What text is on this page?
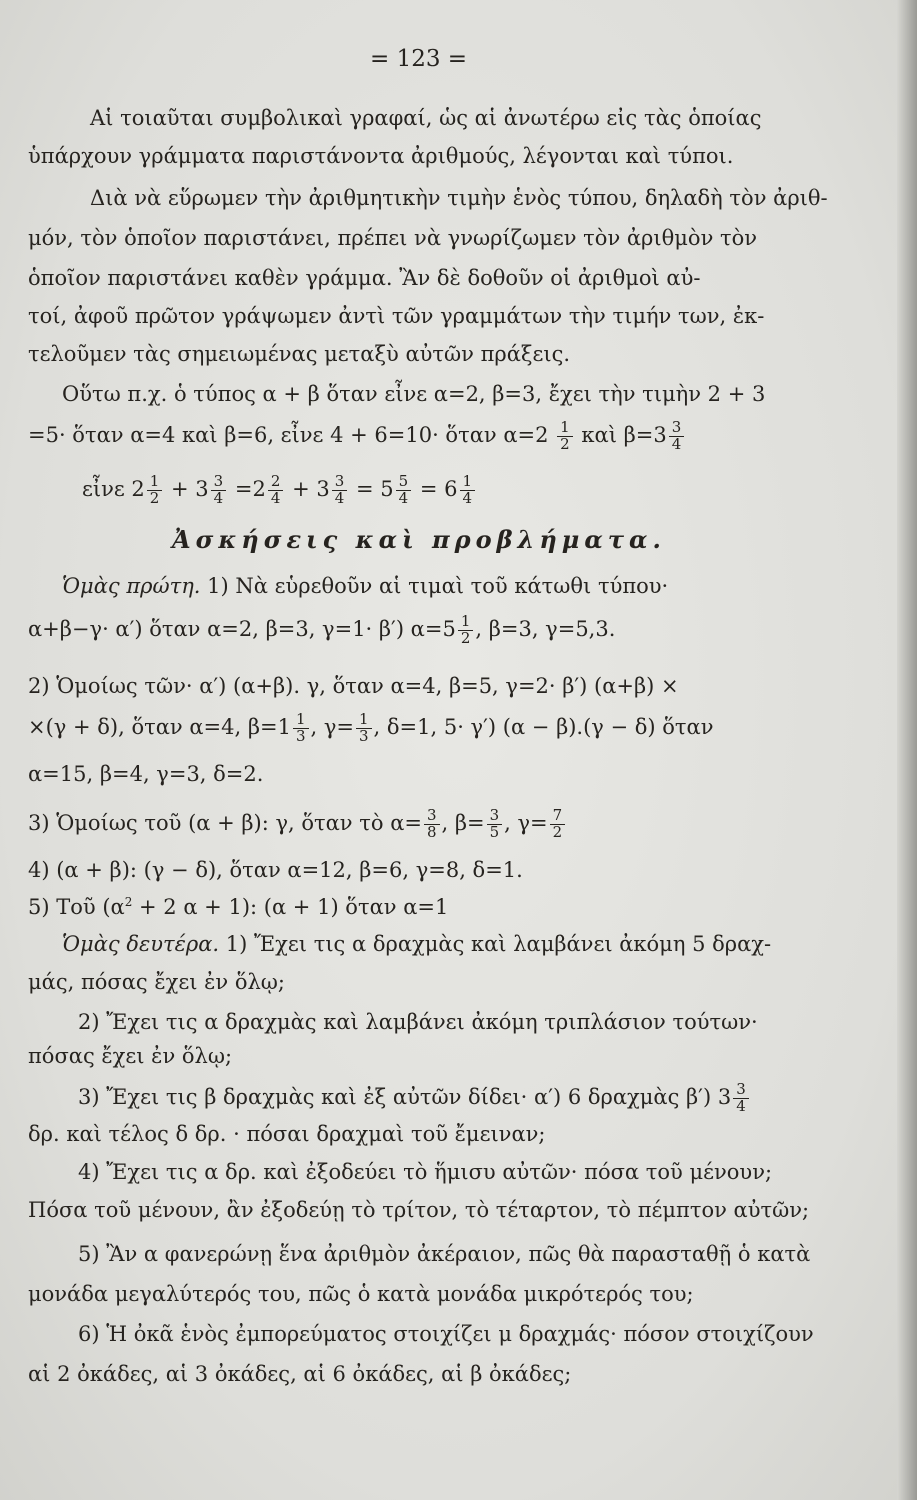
= 123 =
Αἱ τοιαῦται συμβολικαὶ γραφαί, ὡς αἱ ἀνωτέρω εἰς τὰς ὁποίας
ὑπάρχουν γράμματα παριστάνοντα ἀριθμούς, λέγονται καὶ τύποι.
Διὰ νὰ εὕρωμεν τὴν ἀριθμητικὴν τιμὴν ἑνὸς τύπου, δηλαδὴ τὸν ἀριθ-
μόν, τὸν ὁποῖον παριστάνει, πρέπει νὰ γνωρίζωμεν τὸν ἀριθμὸν τὸν
ὁποῖον παριστάνει καθὲν γράμμα. Ἂν δὲ δοθοῦν οἱ ἀριθμοὶ αὐ-
τοί, ἀφοῦ πρῶτον γράψωμεν ἀντὶ τῶν γραμμάτων τὴν τιμήν των, ἐκ-
τελοῦμεν τὰς σημειωμένας μεταξὺ αὐτῶν πράξεις.
Οὕτω π.χ. ὁ τύπος α + β ὅταν εἶνε α=2, β=3, ἔχει τὴν τιμὴν 2 + 3
=5· ὅταν α=4 καὶ β=6, εἶνε 4 + 6=10· ὅταν $\alpha=2 \frac{1}{2}$ καὶ $\beta=3 \frac{3}{4}$
εἶνε $2 \frac{1}{2} + 3 \frac{3}{4} =2 \frac{2}{4} + 3 \frac{3}{4} = 5 \frac{5}{4} = 6 \frac{1}{4}$
Ἀσκήσεις καὶ προβλήματα.
Ὁμὰς πρώτη. 1) Νὰ εὑρεθοῦν αἱ τιμαὶ τοῦ κάτωθι τύπου·
α+β−γ· α′) ὅταν α=2, β=3, γ=1· β′) $\alpha=5 \frac{1}{2}$ , β=3, γ=5,3.
2) Ὁμοίως τῶν· α′) (α+β). γ, ὅταν α=4, β=5, γ=2· β′) (α+β) ×
×(γ + δ), ὅταν α=4, $\beta=1 \frac{1}{3}$ , $\gamma= \frac{1}{3}$ , δ=1, 5· γ′) (α − β).(γ − δ) ὅταν
α=15, β=4, γ=3, δ=2.
3) Ὁμοίως τοῦ (α + β): γ, ὅταν τὸ $\alpha= \frac{3}{8}$ , $\beta= \frac{3}{5}$ , $\gamma= \frac{7}{2}$
4) (α + β): (γ − δ), ὅταν α=12, β=6, γ=8, δ=1.
5) Τοῦ ($\alpha^2 + 2$ α + 1): (α + 1) ὅταν α=1
Ὁμὰς δευτέρα. 1) Ἔχει τις α δραχμὰς καὶ λαμβάνει ἀκόμη 5 δραχ-
μάς, πόσας ἔχει ἐν ὅλῳ;
2) Ἔχει τις α δραχμὰς καὶ λαμβάνει ἀκόμη τριπλάσιον τούτων·
πόσας ἔχει ἐν ὅλῳ;
3) Ἔχει τις β δραχμὰς καὶ ἐξ αὐτῶν δίδει· α′) 6 δραχμὰς β′) $3 \frac{3}{4}$
δρ. καὶ τέλος δ δρ. · πόσαι δραχμαὶ τοῦ ἔμειναν;
4) Ἔχει τις α δρ. καὶ ἐξοδεύει τὸ ἥμισυ αὐτῶν· πόσα τοῦ μένουν;
Πόσα τοῦ μένουν, ἂν ἐξοδεύῃ τὸ τρίτον, τὸ τέταρτον, τὸ πέμπτον αὐτῶν;
5) Ἂν α φανερώνῃ ἕνα ἀριθμὸν ἀκέραιον, πῶς θὰ παρασταθῇ ὁ κατὰ
μονάδα μεγαλύτερός του, πῶς ὁ κατὰ μονάδα μικρότερός του;
6) Ἡ ὀκᾶ ἑνὸς ἐμπορεύματος στοιχίζει μ δραχμάς· πόσον στοιχίζουν
αἱ 2 ὀκάδες, αἱ 3 ὀκάδες, αἱ 6 ὀκάδες, αἱ β ὀκάδες;
